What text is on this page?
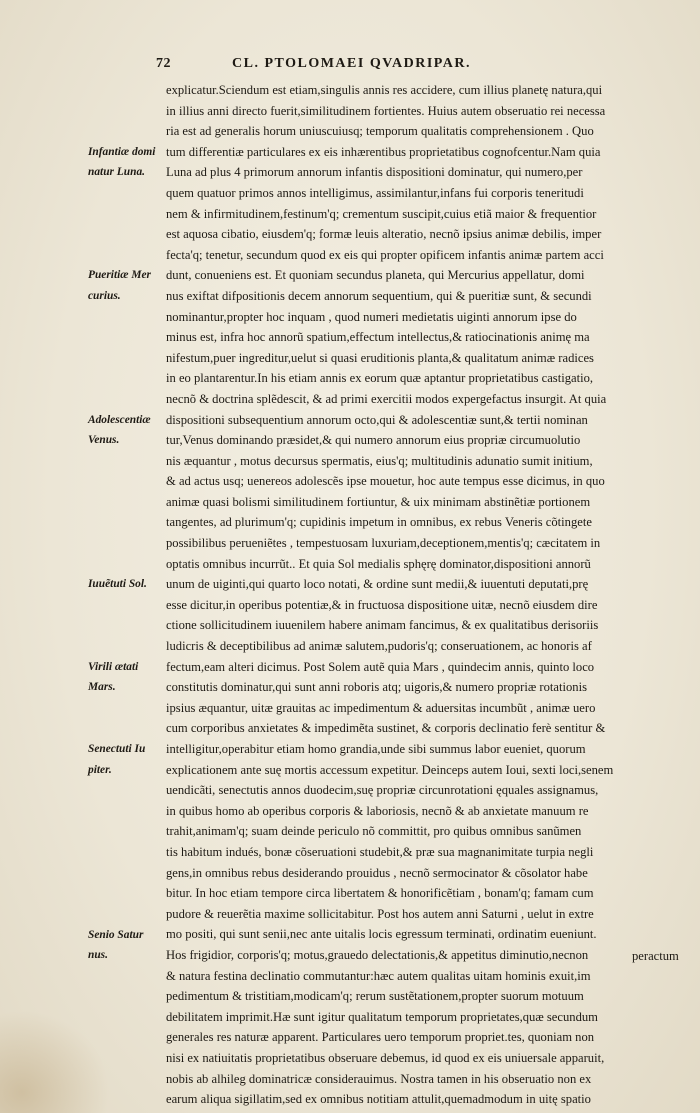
72	CL. PTOLOMAEI QVADRIPAR.
explicatur.Sciendum est etiam,singulis annis res accidere, cum illius planetę natura,qui
in illius anni directo fuerit,similitudinem fortientes. Huius autem obseruatio rei necessa
ria est ad generalis horum uniuscuiusq; temporum qualitatis comprehensionem . Quo
tum differentiæ particulares ex eis inhærentibus proprietatibus cognofcentur.Nam quia
Luna ad plus 4 primorum annorum infantis dispositioni dominatur, qui numero,per
quem quatuor primos annos intelligimus, assimilantur,infans fui corporis teneritudi
nem & infirmitudinem,festinum'q; crementum suscipit,cuius etiã maior & frequentior
est aquosa cibatio, eiusdem'q; formæ leuis alteratio, necnõ ipsius animæ debilis, imper
fecta'q; tenetur, secundum quod ex eis qui propter opificem infantis animæ partem acci
dunt, conueniens est. Et quoniam secundus planeta, qui Mercurius appellatur, domi
nus exiftat difpositionis decem annorum sequentium, qui & pueritiæ sunt, & secundi
nominantur,propter hoc inquam , quod numeri medietatis uiginti annorum ipse do
minus est, infra hoc annorũ spatium,effectum intellectus,& ratiocinationis animę ma
nifestum,puer ingreditur,uelut si quasi eruditionis planta,& qualitatum animæ radices
in eo plantarentur.In his etiam annis ex eorum quæ aptantur proprietatibus castigatio,
necnõ & doctrina splẽdescit, & ad primi exercitii modos expergefactus insurgit. At quia
dispositioni subsequentium annorum octo,qui & adolescentiæ sunt,& tertii nominan
tur,Venus dominando præsidet,& qui numero annorum eius propriæ circumuolutio
nis æquantur , motus decursus spermatis, eius'q; multitudinis adunatio sumit initium,
& ad actus usq; uenereos adolescẽs ipse mouetur, hoc aute tempus esse dicimus, in quo
animæ quasi bolismi similitudinem fortiuntur, & uix minimam abstinẽtiæ portionem
tangentes, ad plurimum'q; cupidinis impetum in omnibus, ex rebus Veneris cõtingete
possibilibus perueniẽtes , tempestuosam luxuriam,deceptionem,mentis'q; cæcitatem in
optatis omnibus incurrũt.. Et quia Sol medialis sphęrę dominator,dispositioni annorũ
unum de uiginti,qui quarto loco notati, & ordine sunt medii,& iuuentuti deputati,prę
esse dicitur,in operibus potentiæ,& in fructuosa dispositione uitæ, necnõ eiusdem dire
ctione sollicitudinem iuuenilem habere animam fancimus, & ex qualitatibus derisoriis
ludicris & deceptibilibus ad animæ salutem,pudoris'q; conseruationem, ac honoris af
fectum,eam alteri dicimus. Post Solem autẽ quia Mars , quindecim annis, quinto loco
constitutis dominatur,qui sunt anni roboris atq; uigoris,& numero propriæ rotationis
ipsius æquantur, uitæ grauitas ac impedimentum & aduersitas incumbũt , animæ uero
cum corporibus anxietates & impedimẽta sustinet, & corporis declinatio ferè sentitur &
intelligitur,operabitur etiam homo grandia,unde sibi summus labor eueniet, quorum
explicationem ante suę mortis accessum expetitur. Deinceps autem Ioui, sexti loci,senem
uendicãti, senectutis annos duodecim,suę propriæ circunrotationi ęquales assignamus,
in quibus homo ab operibus corporis & laboriosis, necnõ & ab anxietate manuum re
trahit,animam'q; suam deinde periculo nõ committit, pro quibus omnibus sanũmen
tis habitum indués, bonæ cõseruationi studebit,& præ sua magnanimitate turpia negli
gens,in omnibus rebus desiderando prouidus , necnõ sermocinator & cõsolator habe
bitur. In hoc etiam tempore circa libertatem & honorificẽtiam , bonam'q; famam cum
pudore & reuerẽtia maxime sollicitabitur. Post hos autem anni Saturni , uelut in extre
mo positi, qui sunt senii,nec ante uitalis locis egressum terminati, ordinatim eueniunt.
Hos frigidior, corporis'q; motus,grauedo delectationis,& appetitus diminutio,necnon
& natura festina declinatio commutantur:hæc autem qualitas uitam hominis exuit,im
pedimentum & tristitiam,modicam'q; rerum sustẽtationem,propter suorum motuum
debilitatem imprimit.Hæ sunt igitur qualitatum temporum proprietates,quæ secundum
generales res naturæ apparent. Particulares uero temporum propriet.tes, quoniam non
nisi ex natiuitatis proprietatibus obseruare debemus, id quod ex eis uniuersale apparuit,
nobis ab alhileg dominatricæ considerauimus. Nostra tamen in his obseruatio non ex
earum aliqua sigillatim,sed ex omnibus notitiam attulit,quemadmodum in uitę spatio
Infantiæ domi
natur Luna.
Pueritiæ Mer
curius.
Adolescentiæ
Venus.
Iuuẽtuti Sol.
Virili ætati
Mars.
Senectuti Iu
piter.
Senio Satur
nus.	peractum
